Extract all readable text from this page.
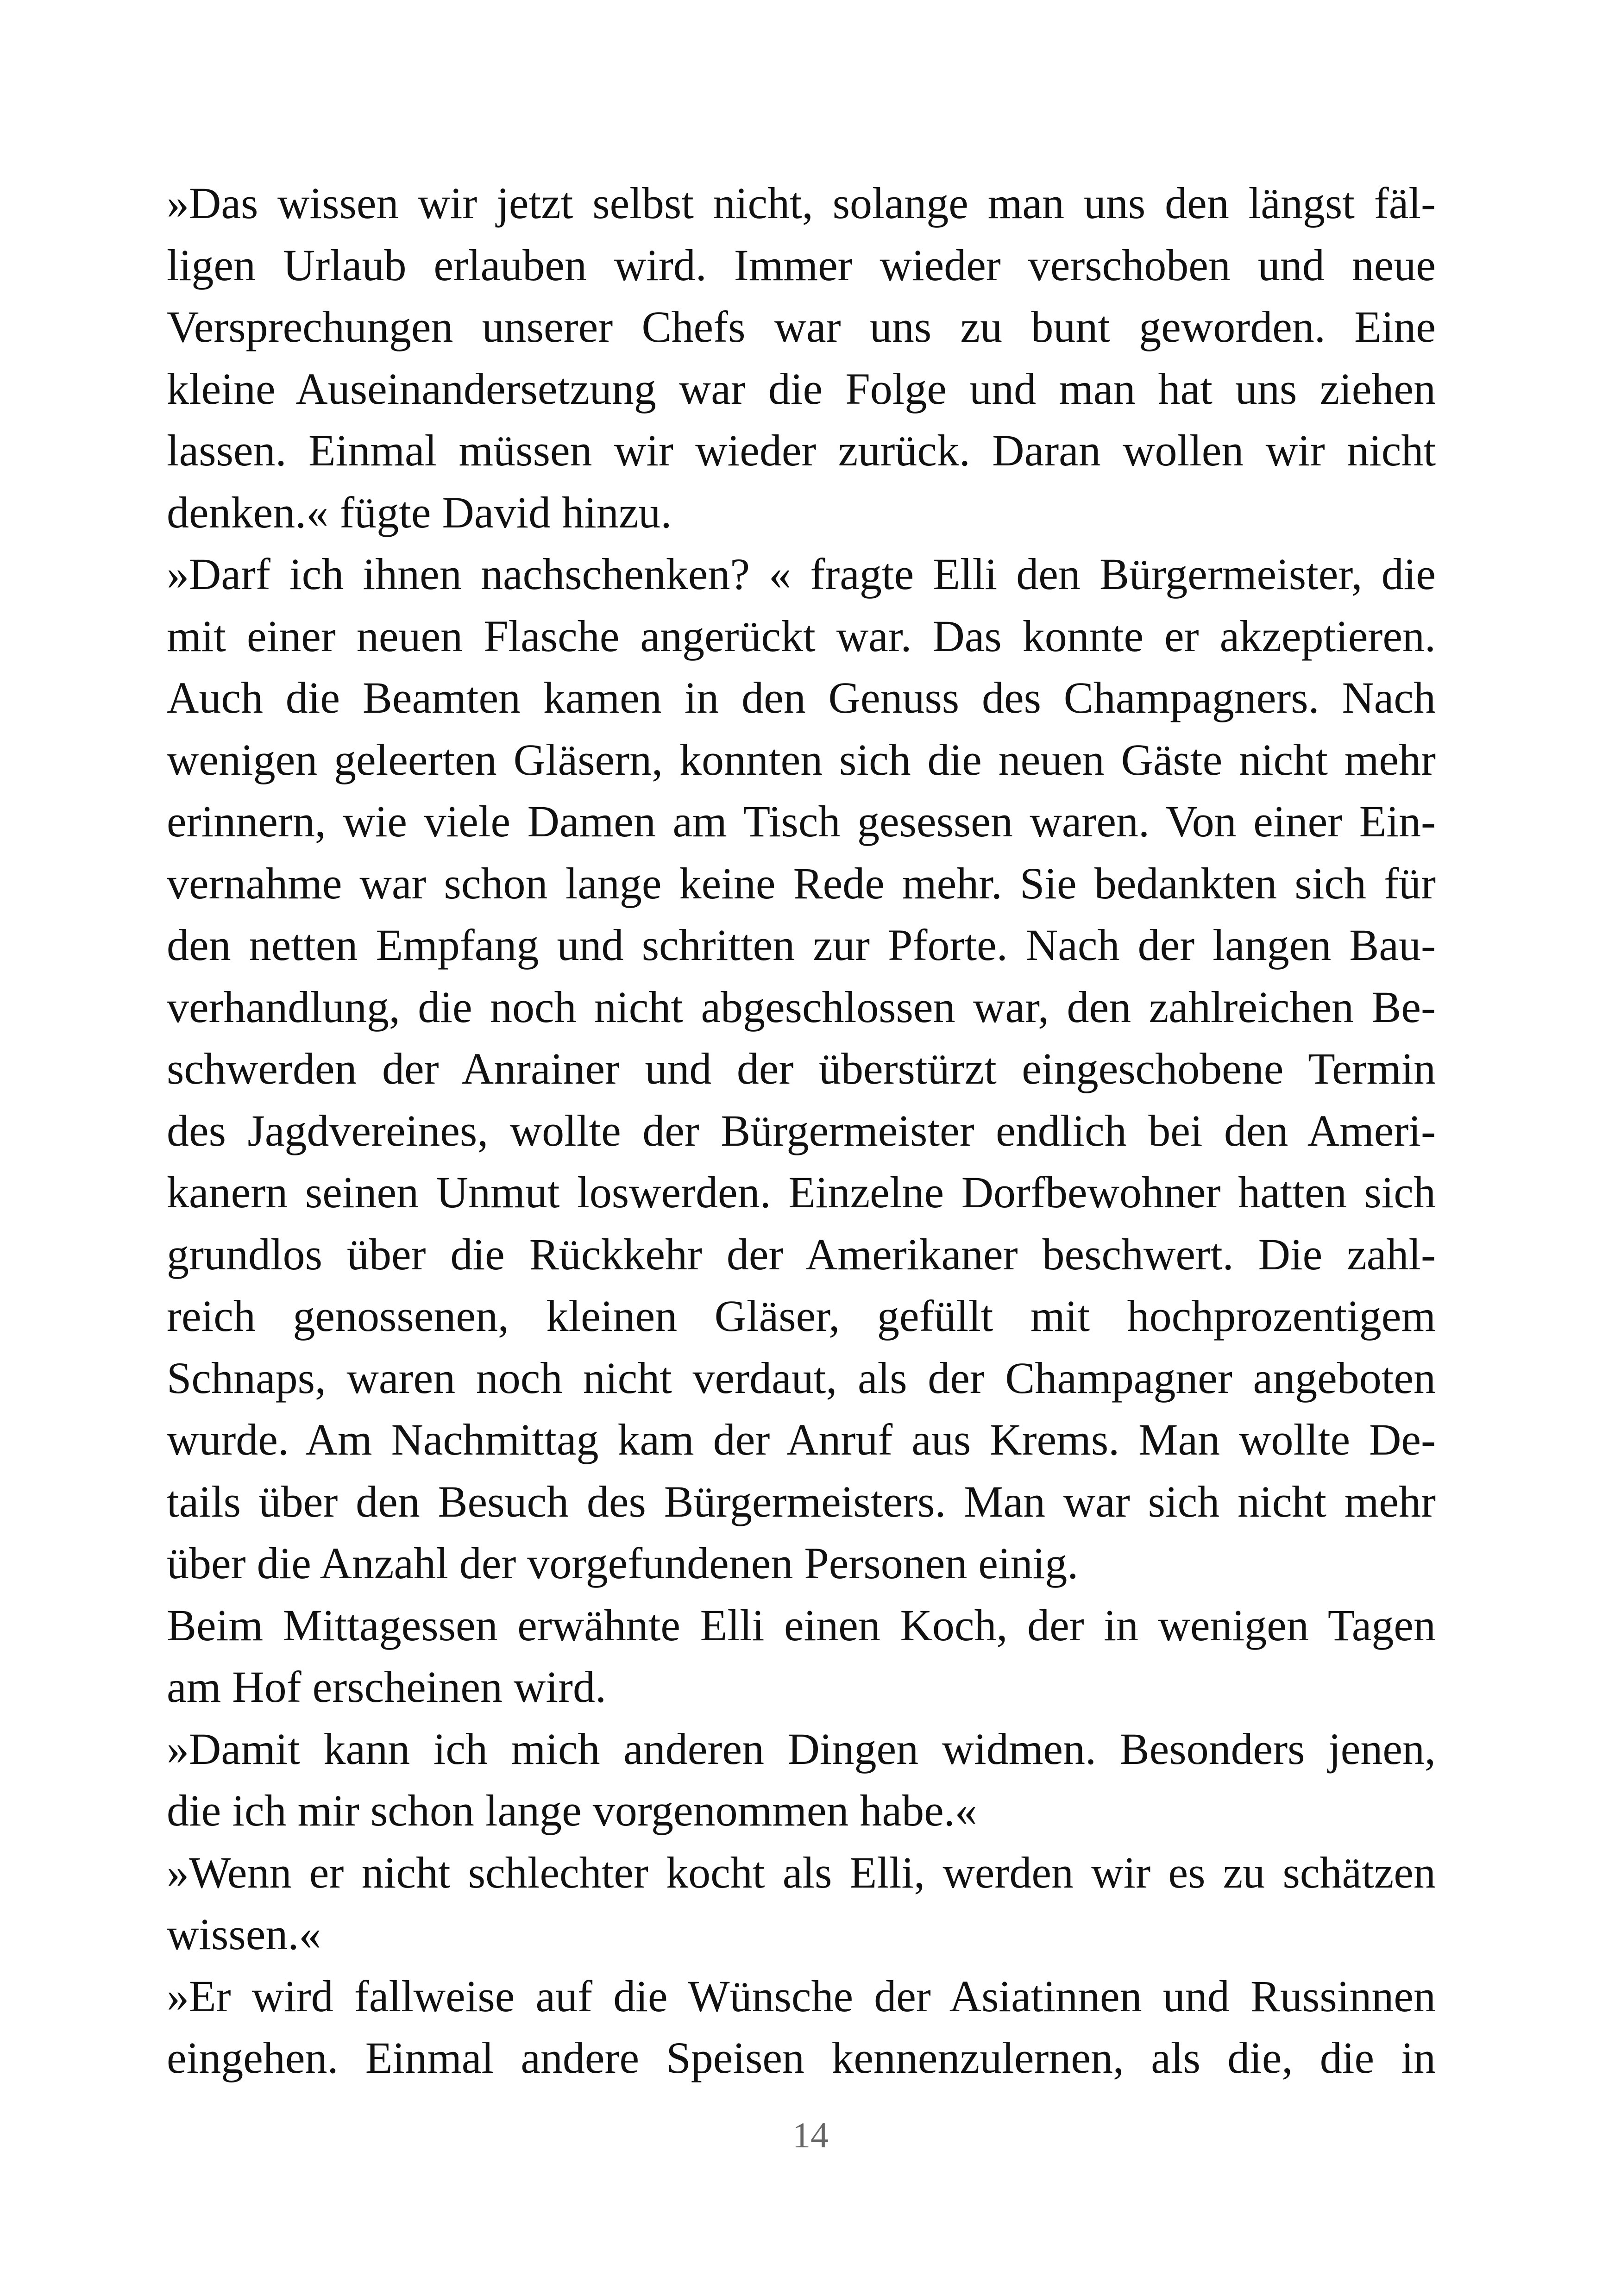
»Das wissen wir jetzt selbst nicht, solange man uns den längst fäl-
ligen Urlaub erlauben wird. Immer wieder verschoben und neue
Versprechungen unserer Chefs war uns zu bunt geworden. Eine
kleine Auseinandersetzung war die Folge und man hat uns ziehen
lassen. Einmal müssen wir wieder zurück. Daran wollen wir nicht
denken.« fügte David hinzu.
»Darf ich ihnen nachschenken? « fragte Elli den Bürgermeister, die
mit einer neuen Flasche angerückt war. Das konnte er akzeptieren.
Auch die Beamten kamen in den Genuss des Champagners. Nach
wenigen geleerten Gläsern, konnten sich die neuen Gäste nicht mehr
erinnern, wie viele Damen am Tisch gesessen waren. Von einer Ein-
vernahme war schon lange keine Rede mehr. Sie bedankten sich für
den netten Empfang und schritten zur Pforte. Nach der langen Bau-
verhandlung, die noch nicht abgeschlossen war, den zahlreichen Be-
schwerden der Anrainer und der überstürzt eingeschobene Termin
des Jagdvereines, wollte der Bürgermeister endlich bei den Ameri-
kanern seinen Unmut loswerden. Einzelne Dorfbewohner hatten sich
grundlos über die Rückkehr der Amerikaner beschwert. Die zahl-
reich genossenen, kleinen Gläser, gefüllt mit hochprozentigem
Schnaps, waren noch nicht verdaut, als der Champagner angeboten
wurde. Am Nachmittag kam der Anruf aus Krems. Man wollte De-
tails über den Besuch des Bürgermeisters. Man war sich nicht mehr
über die Anzahl der vorgefundenen Personen einig.
Beim Mittagessen erwähnte Elli einen Koch, der in wenigen Tagen
am Hof erscheinen wird.
»Damit kann ich mich anderen Dingen widmen. Besonders jenen,
die ich mir schon lange vorgenommen habe.«
»Wenn er nicht schlechter kocht als Elli, werden wir es zu schätzen
wissen.«
»Er wird fallweise auf die Wünsche der Asiatinnen und Russinnen
eingehen. Einmal andere Speisen kennenzulernen, als die, die in
14
